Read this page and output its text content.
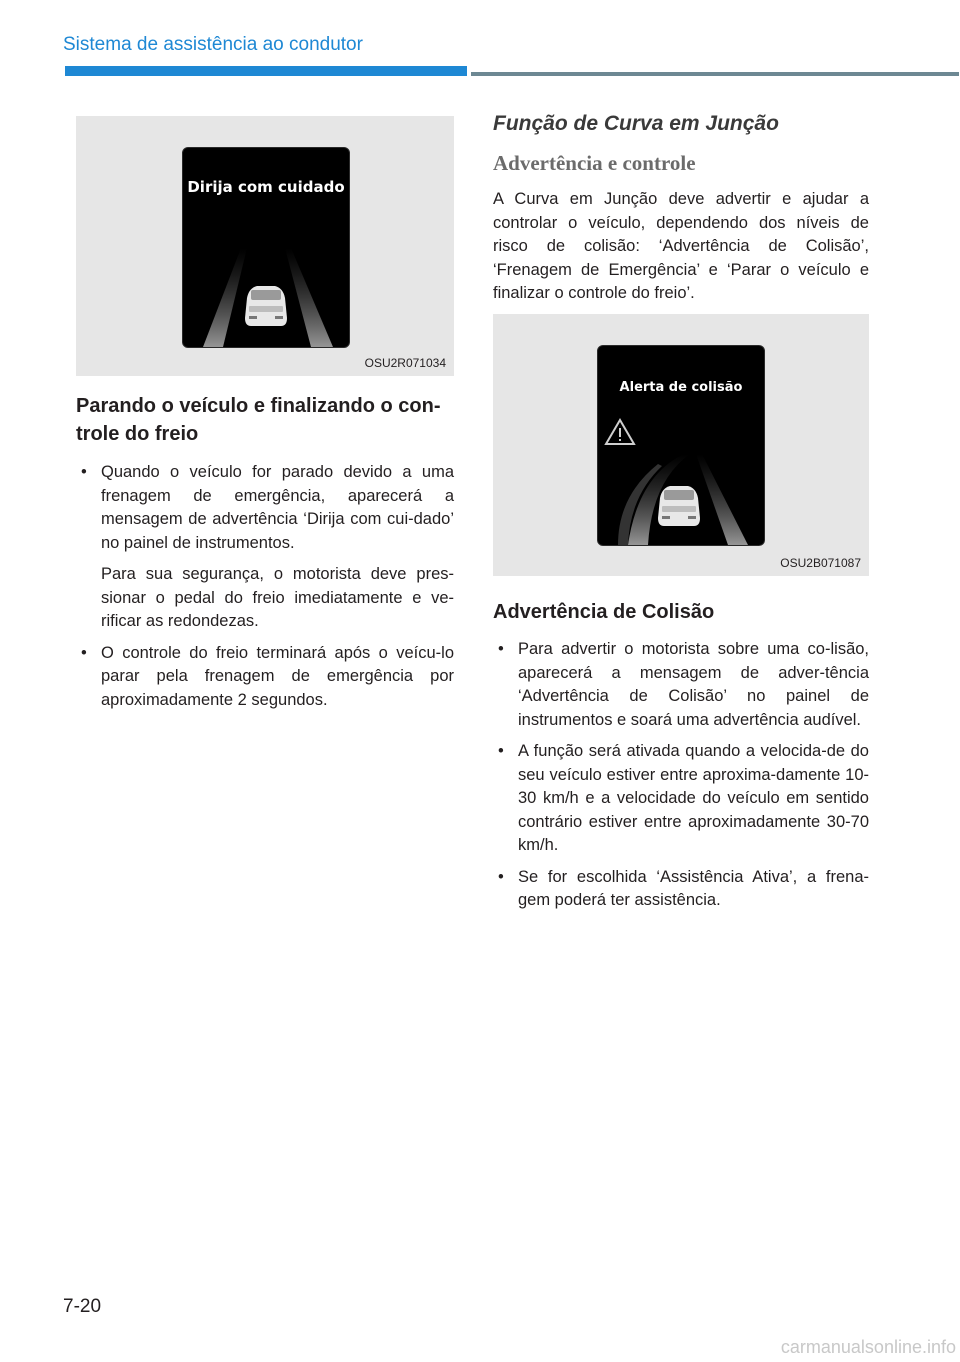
Sistema de assistência ao condutor
Dirija com cuidado
OSU2R071034
Parando o veículo e finalizando o con-trole do freio
• Quando o veículo for parado devido a uma frenagem de emergência, aparecerá a mensagem de advertência ‘Dirija com cui-dado’ no painel de instrumentos.
Para sua segurança, o motorista deve pres-sionar o pedal do freio imediatamente e ve-rificar as redondezas.
• O controle do freio terminará após o veícu-lo parar pela frenagem de emergência por aproximadamente 2 segundos.
Função de Curva em Junção
Advertência e controle

A Curva em Junção deve advertir e ajudar a controlar o veículo, dependendo dos níveis de risco de colisão: ‘Advertência de Colisão’, ‘Frenagem de Emergência’ e ‘Parar o veículo e finalizar o controle do freio’.

Alerta de colisão
OSU2B071087
Advertência de Colisão
• Para advertir o motorista sobre uma co-lisão, aparecerá a mensagem de adver-tência ‘Advertência de Colisão’ no painel de instrumentos e soará uma advertência audível.
• A função será ativada quando a velocida-de do seu veículo estiver entre aproxima-damente 10-30 km/h e a velocidade do veículo em sentido contrário estiver entre aproximadamente 30-70 km/h.
• Se for escolhida ‘Assistência Ativa’, a frena-gem poderá ter assistência.
7-20
carmanualsonline.info
